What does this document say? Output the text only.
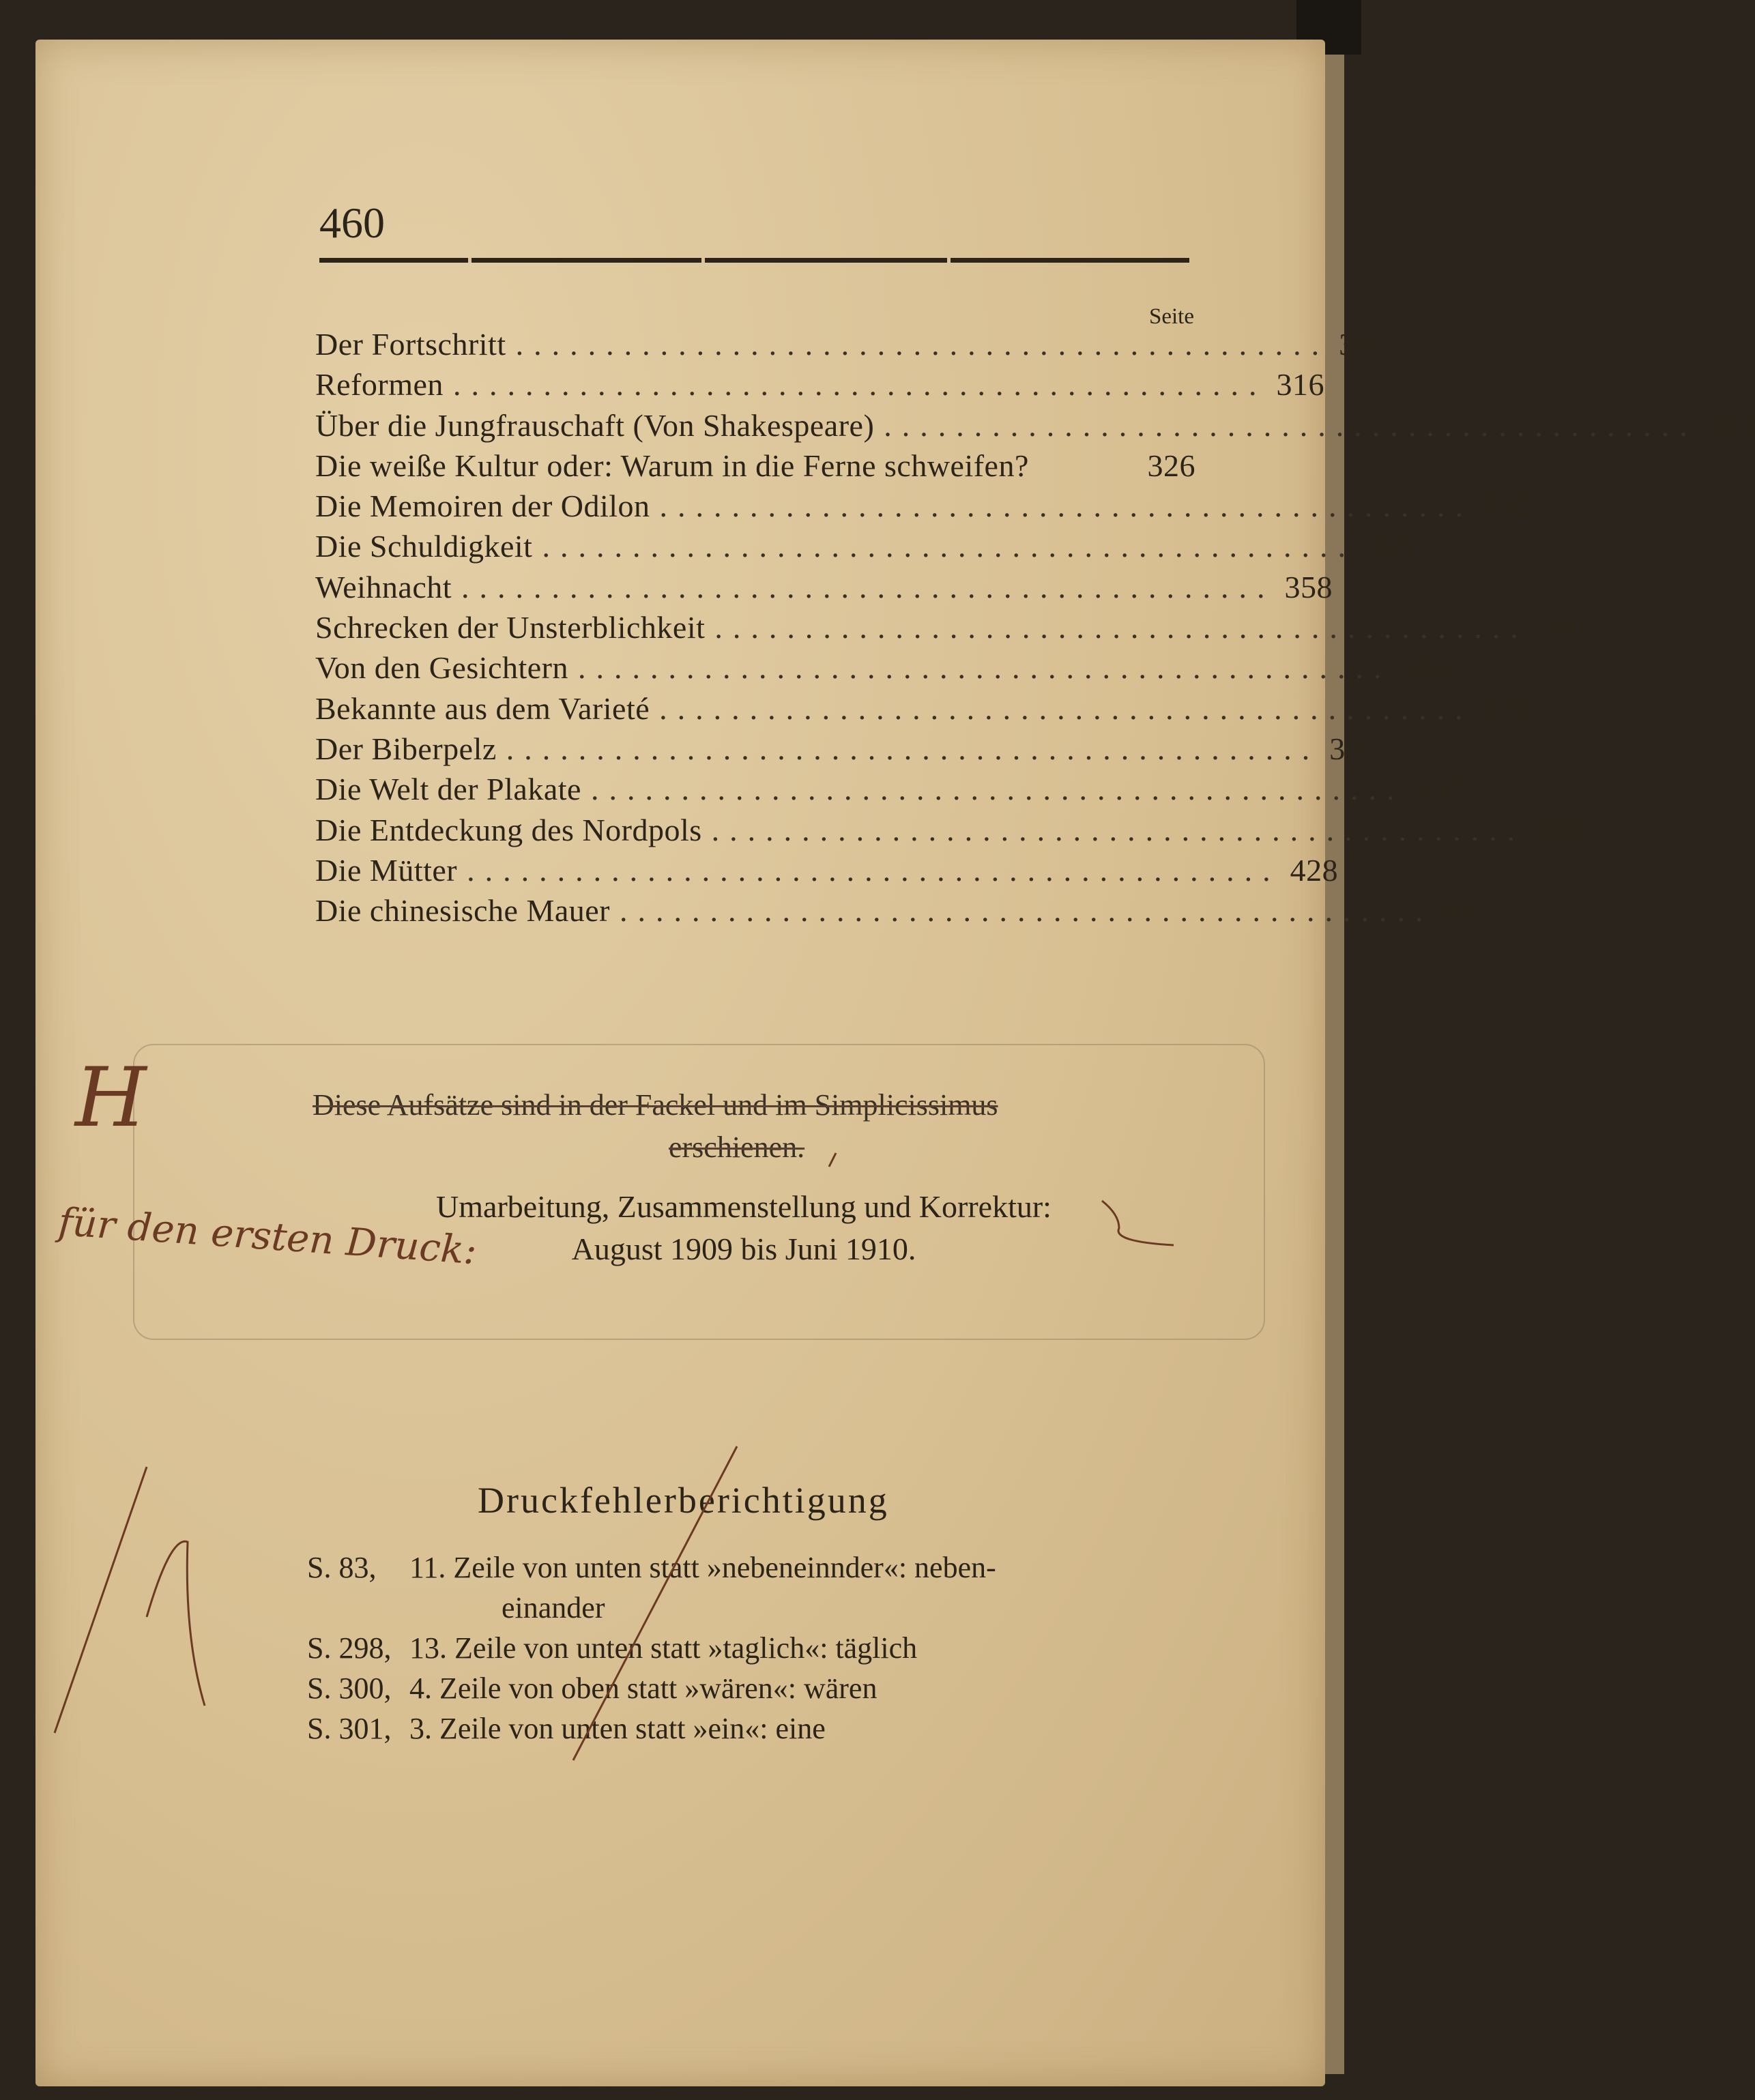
460
Seite
Der Fortschritt ............................................. 305
Reformen ............................................. 316
Über die Jungfrauschaft (Von Shakespeare) ............................................. 323
Die weiße Kultur oder: Warum in die Ferne schweifen?	326
Die Memoiren der Odilon ............................................. 332
Die Schuldigkeit ............................................. 355
Weihnacht ............................................. 358
Schrecken der Unsterblichkeit ............................................. 360
Von den Gesichtern ............................................. 368
Bekannte aus dem Varieté ............................................. 375
Der Biberpelz ............................................. 385
Die Welt der Plakate ............................................. 397
Die Entdeckung des Nordpols ............................................. 408
Die Mütter ............................................. 428
Die chinesische Mauer ............................................. 435
Diese Aufsätze sind in der Fackel und im Simplicissimus
erschienen.
Umarbeitung, Zusammenstellung und Korrektur:
August 1909 bis Juni 1910.
H
für den ersten Druck:
Druckfehlerberichtigung
S. 83,	11. Zeile von unten statt »nebeneinnder«: neben-
einander
S. 298, 13. Zeile von unten statt »taglich«: täglich
S. 300, 4. Zeile von oben statt »wären«: wären
S. 301, 3. Zeile von unten statt »ein«: eine
